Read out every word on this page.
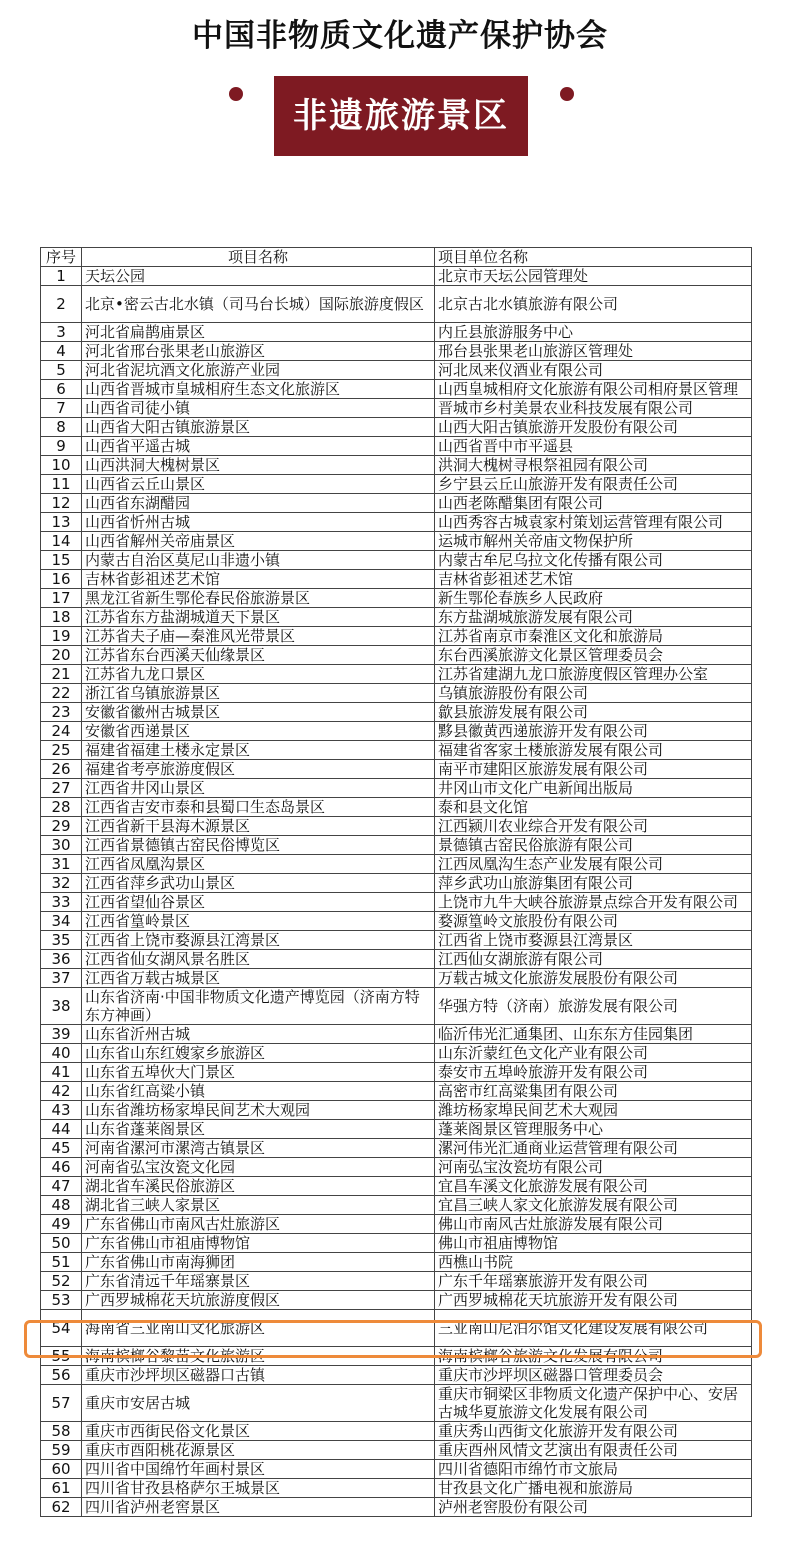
中国非物质文化遗产保护协会
非遗旅游景区
序号	项目名称	项目单位名称
1	天坛公园	北京市天坛公园管理处
2	北京•密云古北水镇（司马台长城）国际旅游度假区	北京古北水镇旅游有限公司
3	河北省扁鹊庙景区	内丘县旅游服务中心
4	河北省邢台张果老山旅游区	邢台县张果老山旅游区管理处
5	河北省泥坑酒文化旅游产业园	河北凤来仪酒业有限公司
6	山西省晋城市皇城相府生态文化旅游区	山西皇城相府文化旅游有限公司相府景区管理
7	山西省司徒小镇	晋城市乡村美景农业科技发展有限公司
8	山西省大阳古镇旅游景区	山西大阳古镇旅游开发股份有限公司
9	山西省平遥古城	山西省晋中市平遥县
10	山西洪洞大槐树景区	洪洞大槐树寻根祭祖园有限公司
11	山西省云丘山景区	乡宁县云丘山旅游开发有限责任公司
12	山西省东湖醋园	山西老陈醋集团有限公司
13	山西省忻州古城	山西秀容古城袁家村策划运营管理有限公司
14	山西省解州关帝庙景区	运城市解州关帝庙文物保护所
15	内蒙古自治区莫尼山非遗小镇	内蒙古牟尼乌拉文化传播有限公司
16	吉林省彭祖述艺术馆	吉林省彭祖述艺术馆
17	黑龙江省新生鄂伦春民俗旅游景区	新生鄂伦春族乡人民政府
18	江苏省东方盐湖城道天下景区	东方盐湖城旅游发展有限公司
19	江苏省夫子庙—秦淮风光带景区	江苏省南京市秦淮区文化和旅游局
20	江苏省东台西溪天仙缘景区	东台西溪旅游文化景区管理委员会
21	江苏省九龙口景区	江苏省建湖九龙口旅游度假区管理办公室
22	浙江省乌镇旅游景区	乌镇旅游股份有限公司
23	安徽省徽州古城景区	歙县旅游发展有限公司
24	安徽省西递景区	黟县徽黄西递旅游开发有限公司
25	福建省福建土楼永定景区	福建省客家土楼旅游发展有限公司
26	福建省考亭旅游度假区	南平市建阳区旅游发展有限公司
27	江西省井冈山景区	井冈山市文化广电新闻出版局
28	江西省吉安市泰和县蜀口生态岛景区	泰和县文化馆
29	江西省新干县海木源景区	江西颍川农业综合开发有限公司
30	江西省景德镇古窑民俗博览区	景德镇古窑民俗旅游有限公司
31	江西省凤凰沟景区	江西凤凰沟生态产业发展有限公司
32	江西省萍乡武功山景区	萍乡武功山旅游集团有限公司
33	江西省望仙谷景区	上饶市九牛大峡谷旅游景点综合开发有限公司
34	江西省篁岭景区	婺源篁岭文旅股份有限公司
35	江西省上饶市婺源县江湾景区	江西省上饶市婺源县江湾景区
36	江西省仙女湖风景名胜区	江西仙女湖旅游有限公司
37	江西省万载古城景区	万载古城文化旅游发展股份有限公司
38	山东省济南·中国非物质文化遗产博览园（济南方特东方神画）	华强方特（济南）旅游发展有限公司
39	山东省沂州古城	临沂伟光汇通集团、山东东方佳园集团
40	山东省山东红嫂家乡旅游区	山东沂蒙红色文化产业有限公司
41	山东省五埠伙大门景区	泰安市五埠岭旅游开发有限公司
42	山东省红高粱小镇	高密市红高粱集团有限公司
43	山东省潍坊杨家埠民间艺术大观园	潍坊杨家埠民间艺术大观园
44	山东省蓬莱阁景区	蓬莱阁景区管理服务中心
45	河南省漯河市漯湾古镇景区	漯河伟光汇通商业运营管理有限公司
46	河南省弘宝汝瓷文化园	河南弘宝汝瓷坊有限公司
47	湖北省车溪民俗旅游区	宜昌车溪文化旅游发展有限公司
48	湖北省三峡人家景区	宜昌三峡人家文化旅游发展有限公司
49	广东省佛山市南风古灶旅游区	佛山市南风古灶旅游发展有限公司
50	广东省佛山市祖庙博物馆	佛山市祖庙博物馆
51	广东省佛山市南海狮团	西樵山书院
52	广东省清远千年瑶寨景区	广东千年瑶寨旅游开发有限公司
53	广西罗城棉花天坑旅游度假区	广西罗城棉花天坑旅游开发有限公司
54	海南省三亚南山文化旅游区	三亚南山尼泊尔馆文化建设发展有限公司
55	海南槟榔谷黎苗文化旅游区	海南槟榔谷旅游文化发展有限公司
56	重庆市沙坪坝区磁器口古镇	重庆市沙坪坝区磁器口管理委员会
57	重庆市安居古城	重庆市铜梁区非物质文化遗产保护中心、安居古城华夏旅游文化发展有限公司
58	重庆市西街民俗文化景区	重庆秀山西街文化旅游开发有限公司
59	重庆市酉阳桃花源景区	重庆酉州风情文艺演出有限责任公司
60	四川省中国绵竹年画村景区	四川省德阳市绵竹市文旅局
61	四川省甘孜县格萨尔王城景区	甘孜县文化广播电视和旅游局
62	四川省泸州老窖景区	泸州老窖股份有限公司
